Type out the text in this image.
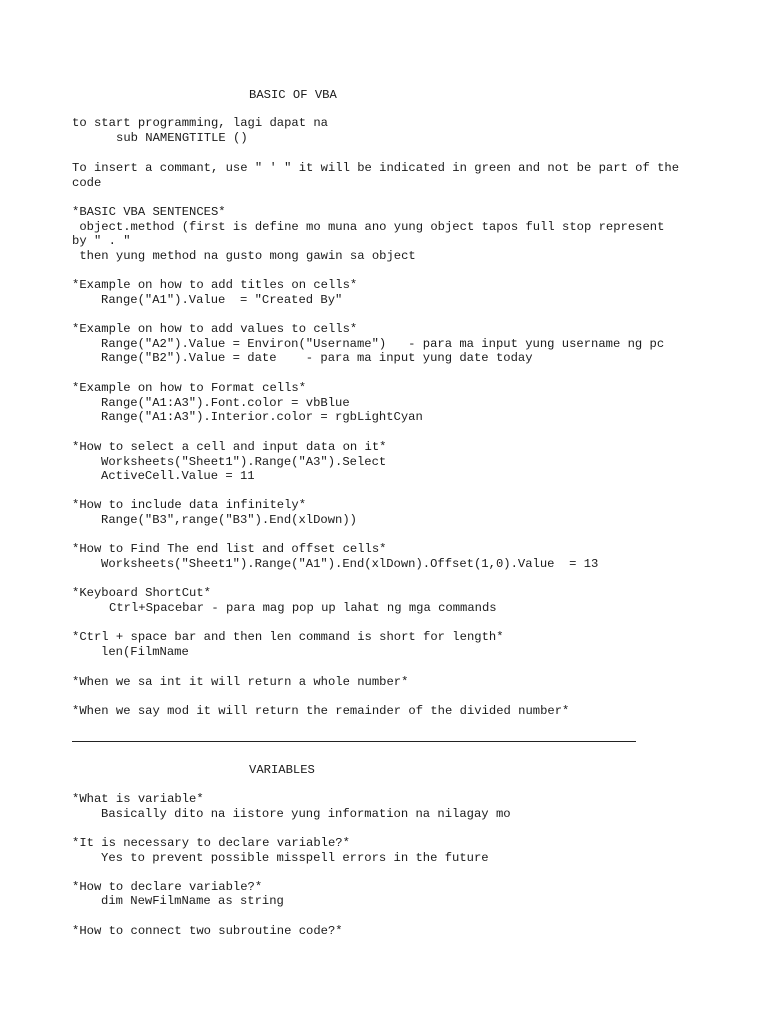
BASIC OF VBA

to start programming, lagi dapat na

sub NAMENGTITLE ()

To insert a commant, use " ' " it will be indicated in green and not be part of the

code

*BASIC VBA SENTENCES*

object.method (first is define mo muna ano yung object tapos full stop represent

by " . "

then yung method na gusto mong gawin sa object

*Example on how to add titles on cells*

Range("A1").Value  = "Created By"

*Example on how to add values to cells*

Range("A2").Value = Environ("Username")   - para ma input yung username ng pc

Range("B2").Value = date    - para ma input yung date today

*Example on how to Format cells*

Range("A1:A3").Font.color = vbBlue

Range("A1:A3").Interior.color = rgbLightCyan

*How to select a cell and input data on it*

Worksheets("Sheet1").Range("A3").Select

ActiveCell.Value = 11

*How to include data infinitely*

Range("B3",range("B3").End(xlDown))

*How to Find The end list and offset cells*

Worksheets("Sheet1").Range("A1").End(xlDown).Offset(1,0).Value  = 13

*Keyboard ShortCut*

Ctrl+Spacebar - para mag pop up lahat ng mga commands

*Ctrl + space bar and then len command is short for length*

len(FilmName

*When we sa int it will return a whole number*

*When we say mod it will return the remainder of the divided number*

VARIABLES

*What is variable*

Basically dito na iistore yung information na nilagay mo

*It is necessary to declare variable?*

Yes to prevent possible misspell errors in the future

*How to declare variable?*

dim NewFilmName as string

*How to connect two subroutine code?*
